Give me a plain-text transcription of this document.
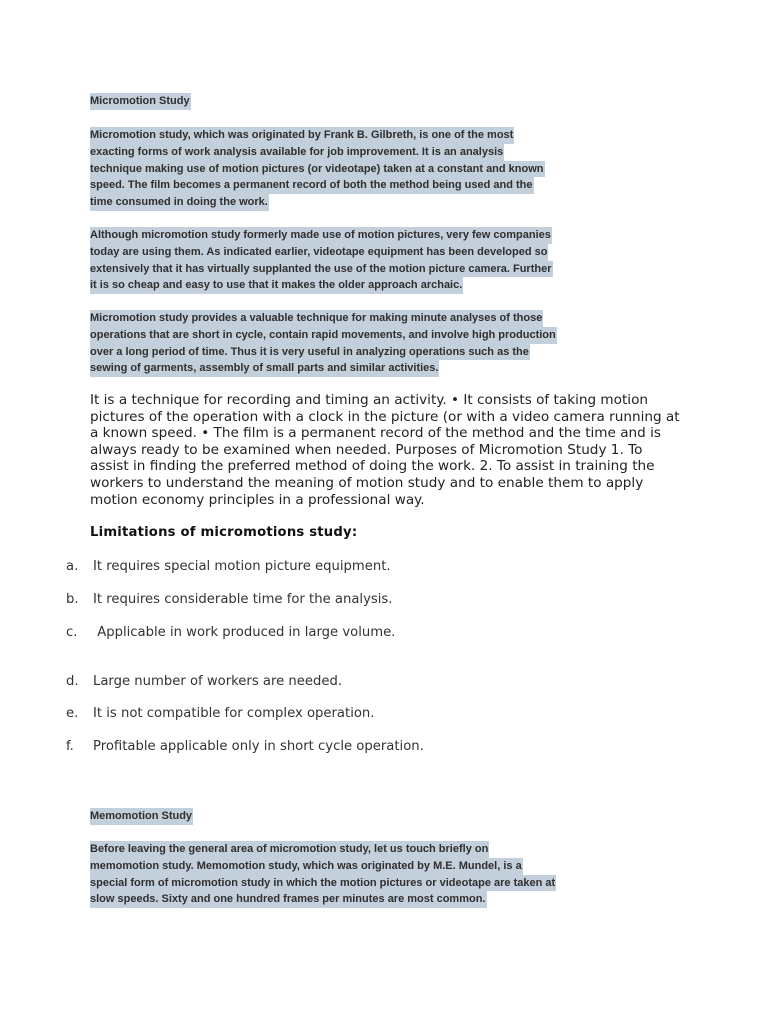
Micromotion Study
Micromotion study, which was originated by Frank B. Gilbreth, is one of the most
exacting forms of work analysis available for job improvement. It is an analysis
technique making use of motion pictures (or videotape) taken at a constant and known
speed. The film becomes a permanent record of both the method being used and the
time consumed in doing the work.
Although micromotion study formerly made use of motion pictures, very few companies
today are using them. As indicated earlier, videotape equipment has been developed so
extensively that it has virtually supplanted the use of the motion picture camera. Further
it is so cheap and easy to use that it makes the older approach archaic.
Micromotion study provides a valuable technique for making minute analyses of those
operations that are short in cycle, contain rapid movements, and involve high production
over a long period of time. Thus it is very useful in analyzing operations such as the
sewing of garments, assembly of small parts and similar activities.
It is a technique for recording and timing an activity. • It consists of taking motion pictures of the operation with a clock in the picture (or with a video camera running at a known speed. • The film is a permanent record of the method and the time and is always ready to be examined when needed. Purposes of Micromotion Study 1. To assist in finding the preferred method of doing the work. 2. To assist in training the workers to understand the meaning of motion study and to enable them to apply motion economy principles in a professional way.
Limitations of micromotions study:
a. It requires special motion picture equipment.
b. It requires considerable time for the analysis.
c. Applicable in work produced in large volume.
d. Large number of workers are needed.
e. It is not compatible for complex operation.
f. Profitable applicable only in short cycle operation.
Memomotion Study
Before leaving the general area of micromotion study, let us touch briefly on
memomotion study. Memomotion study, which was originated by M.E. Mundel, is a
special form of micromotion study in which the motion pictures or videotape are taken at
slow speeds. Sixty and one hundred frames per minutes are most common.
